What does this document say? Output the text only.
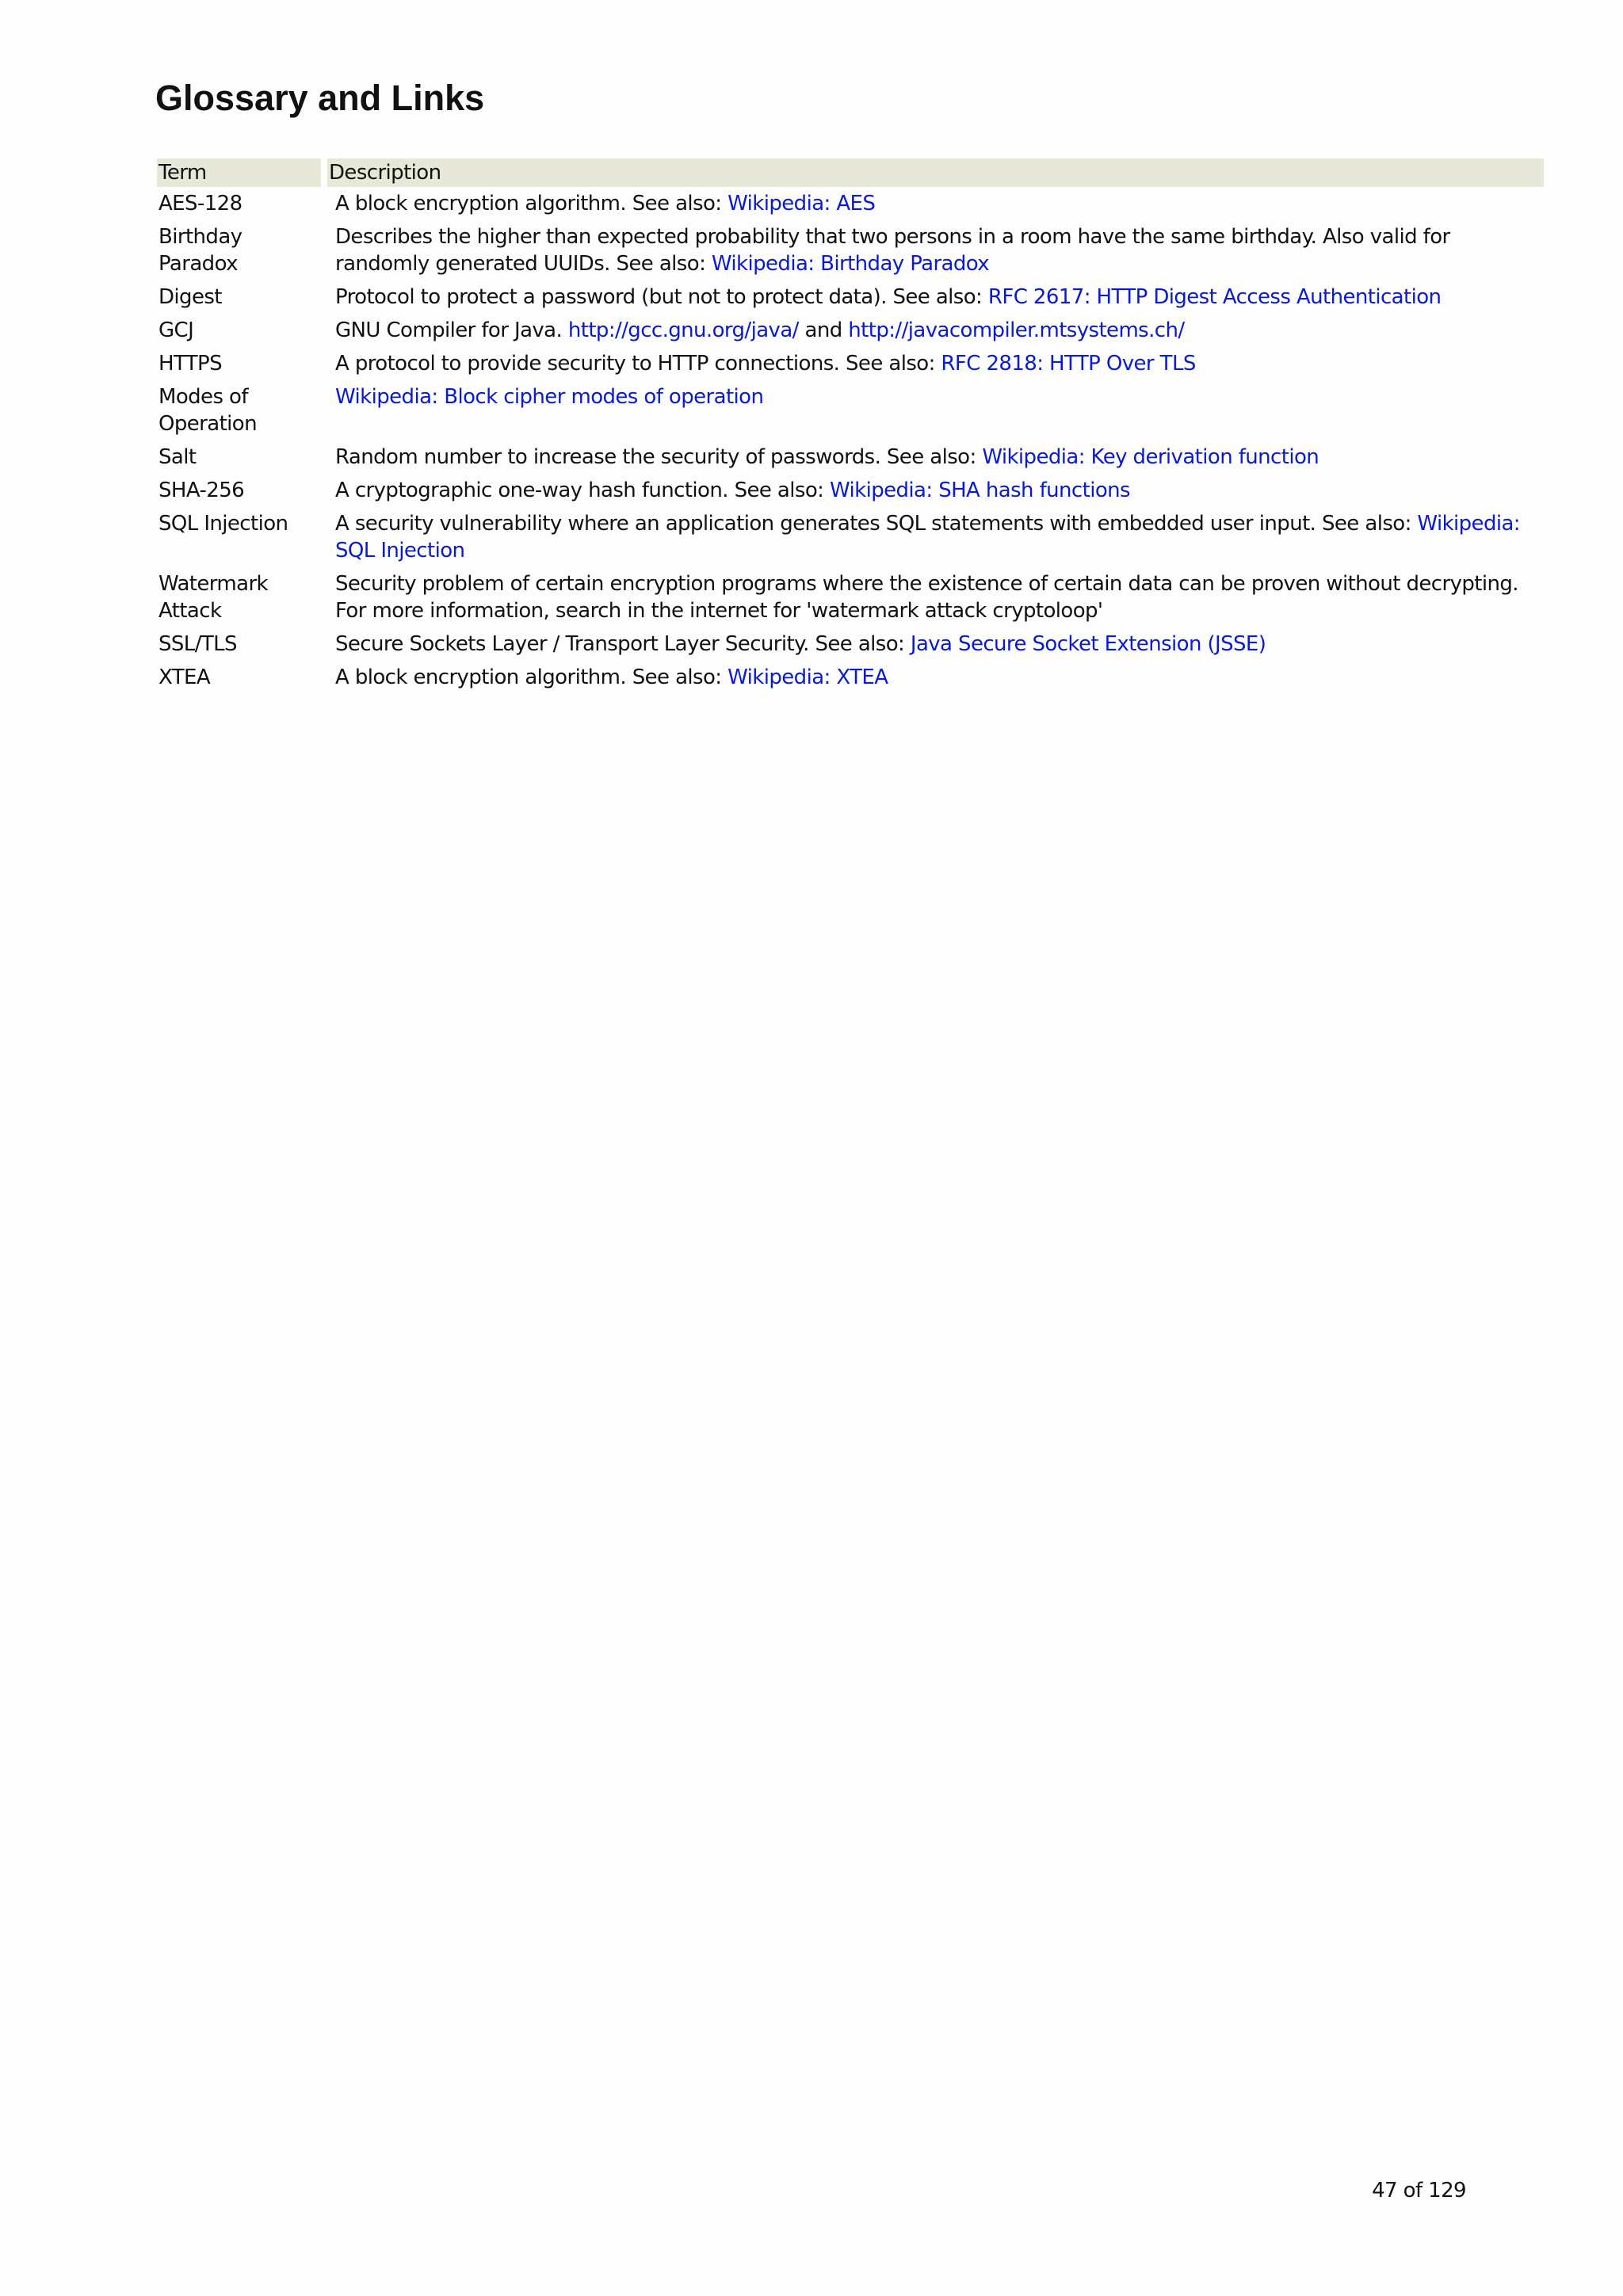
Glossary and Links
Term	Description
AES-128	A block encryption algorithm. See also: Wikipedia: AES
Birthday Paradox	Describes the higher than expected probability that two persons in a room have the same birthday. Also valid for randomly generated UUIDs. See also: Wikipedia: Birthday Paradox
Digest	Protocol to protect a password (but not to protect data). See also: RFC 2617: HTTP Digest Access Authentication
GCJ	GNU Compiler for Java. http://gcc.gnu.org/java/ and http://javacompiler.mtsystems.ch/
HTTPS	A protocol to provide security to HTTP connections. See also: RFC 2818: HTTP Over TLS
Modes of Operation	Wikipedia: Block cipher modes of operation
Salt	Random number to increase the security of passwords. See also: Wikipedia: Key derivation function
SHA-256	A cryptographic one-way hash function. See also: Wikipedia: SHA hash functions
SQL Injection	A security vulnerability where an application generates SQL statements with embedded user input. See also: Wikipedia: SQL Injection
Watermark Attack	Security problem of certain encryption programs where the existence of certain data can be proven without decrypting. For more information, search in the internet for 'watermark attack cryptoloop'
SSL/TLS	Secure Sockets Layer / Transport Layer Security. See also: Java Secure Socket Extension (JSSE)
XTEA	A block encryption algorithm. See also: Wikipedia: XTEA
47 of 129
